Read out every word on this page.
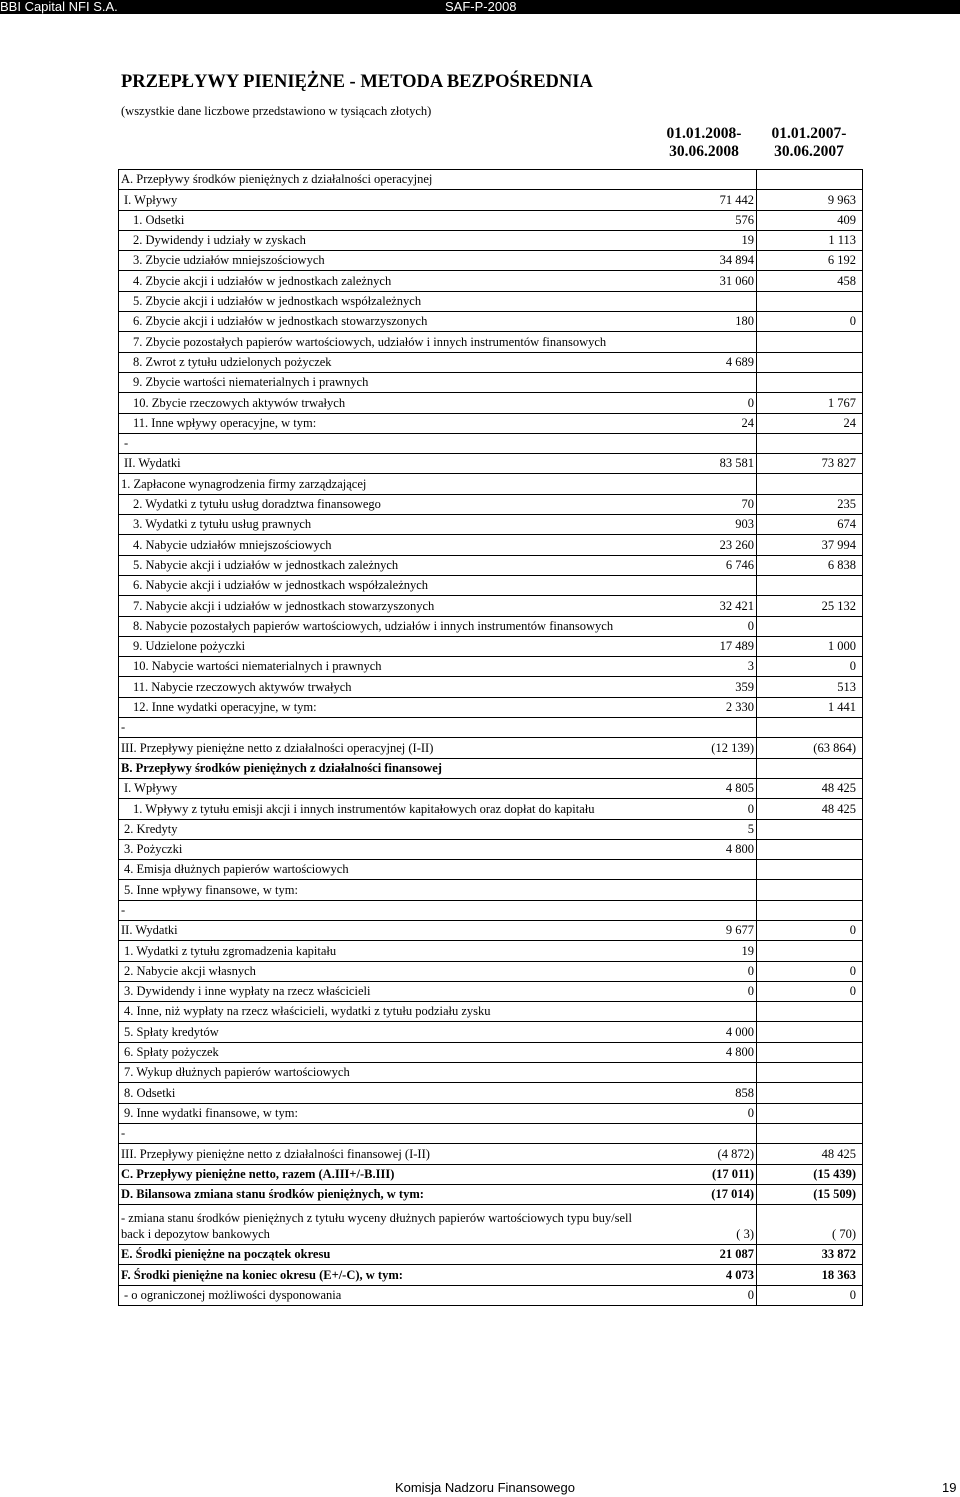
BBI Capital NFI S.A.	SAF-P-2008
PRZEPŁYWY PIENIĘŻNE - METODA BEZPOŚREDNIA
(wszystkie dane liczbowe przedstawiono w tysiącach złotych)
01.01.2008-
30.06.2008
01.01.2007-
30.06.2007
A. Przepływy środków pieniężnych z działalności operacyjnej
I. Wpływy	71 442	9 963
1. Odsetki	576	409
2. Dywidendy i udziały w zyskach	19	1 113
3. Zbycie udziałów mniejszościowych	34 894	6 192
4. Zbycie akcji i udziałów w jednostkach zależnych	31 060	458
5. Zbycie akcji i udziałów w jednostkach współzależnych
6. Zbycie akcji i udziałów w jednostkach stowarzyszonych	180	0
7. Zbycie pozostałych papierów wartościowych, udziałów i innych instrumentów finansowych
8. Zwrot z tytułu udzielonych pożyczek	4 689
9. Zbycie wartości niematerialnych i prawnych
10. Zbycie rzeczowych aktywów trwałych	0	1 767
11. Inne wpływy operacyjne, w tym:	24	24
-
II. Wydatki	83 581	73 827
1. Zapłacone wynagrodzenia firmy zarządzającej
2. Wydatki z tytułu usług doradztwa finansowego	70	235
3. Wydatki z tytułu usług prawnych	903	674
4. Nabycie udziałów mniejszościowych	23 260	37 994
5. Nabycie akcji i udziałów w jednostkach zależnych	6 746	6 838
6. Nabycie akcji i udziałów w jednostkach współzależnych
7. Nabycie akcji i udziałów w jednostkach stowarzyszonych	32 421	25 132
8. Nabycie pozostałych papierów wartościowych, udziałów i innych instrumentów finansowych	0
9. Udzielone pożyczki	17 489	1 000
10. Nabycie wartości niematerialnych i prawnych	3	0
11. Nabycie rzeczowych aktywów trwałych	359	513
12. Inne wydatki operacyjne, w tym:	2 330	1 441
-
III. Przepływy pieniężne netto z działalności operacyjnej (I-II)	(12 139)	(63 864)
B. Przepływy środków pieniężnych z działalności finansowej
I. Wpływy	4 805	48 425
1. Wpływy z tytułu emisji akcji i innych instrumentów kapitałowych oraz dopłat do kapitału	0	48 425
2. Kredyty	5
3. Pożyczki	4 800
4. Emisja dłużnych papierów wartościowych
5. Inne wpływy finansowe, w tym:
-
II. Wydatki	9 677	0
1. Wydatki z tytułu zgromadzenia kapitału	19
2. Nabycie akcji własnych	0	0
3. Dywidendy i inne wypłaty na rzecz właścicieli	0	0
4. Inne, niż wypłaty na rzecz właścicieli, wydatki z tytułu podziału zysku
5. Spłaty kredytów	4 000
6. Spłaty pożyczek	4 800
7. Wykup dłużnych papierów wartościowych
8. Odsetki	858
9. Inne wydatki finansowe, w tym:	0
-
III. Przepływy pieniężne netto z działalności finansowej (I-II)	(4 872)	48 425
C. Przepływy pieniężne netto, razem (A.III+/-B.III)	(17 011)	(15 439)
D. Bilansowa zmiana stanu środków pieniężnych, w tym:	(17 014)	(15 509)
- zmiana stanu środków pieniężnych z tytułu wyceny dłużnych papierów wartościowych typu buy/sell back i depozytow bankowych	( 3)	( 70)
E. Środki pieniężne na początek okresu	21 087	33 872
F. Środki pieniężne na koniec okresu (E+/-C), w tym:	4 073	18 363
- o ograniczonej możliwości dysponowania	0	0
Komisja Nadzoru Finansowego	19
